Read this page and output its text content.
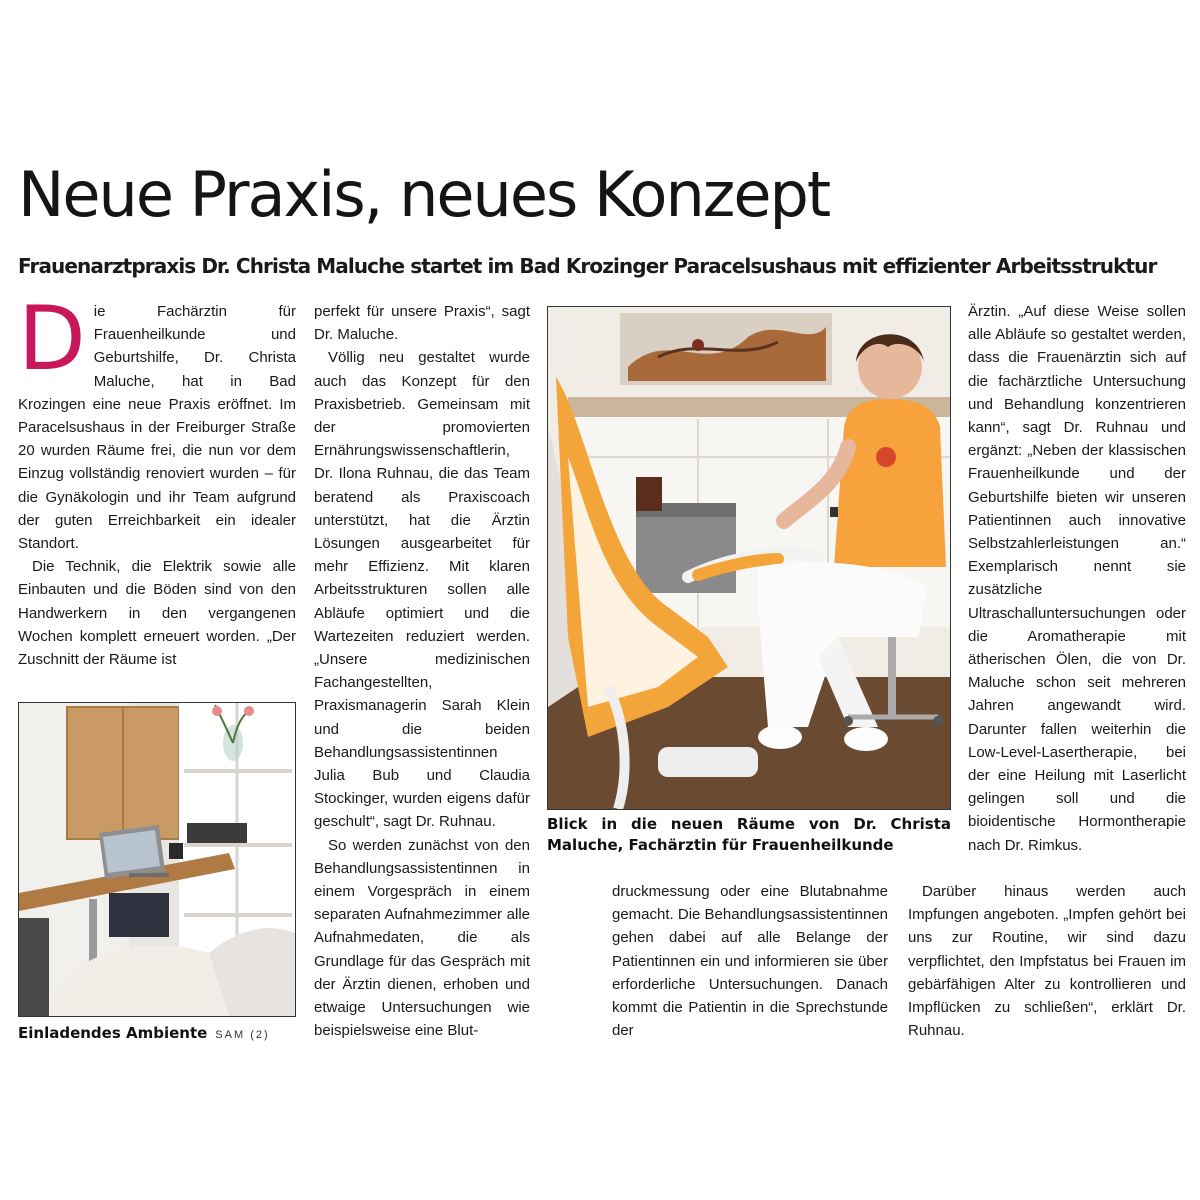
Neue Praxis, neues Konzept
Frauenarztpraxis Dr. Christa Maluche startet im Bad Krozinger Paracelsushaus mit effizienter Arbeitsstruktur

Die Fachärztin für Frauenheilkunde und Geburtshilfe, Dr. Christa Maluche, hat in Bad Krozingen eine neue Praxis eröffnet. Im Paracelsushaus in der Freiburger Straße 20 wurden Räume frei, die nun vor dem Einzug vollständig renoviert wurden – für die Gynäkologin und ihr Team aufgrund der guten Erreichbarkeit ein idealer Standort.

Die Technik, die Elektrik sowie alle Einbauten und die Böden sind von den Handwerkern in den vergangenen Wochen komplett erneuert worden. „Der Zuschnitt der Räume ist

Einladendes Ambiente SAM (2)

perfekt für unsere Praxis“, sagt Dr. Maluche.

Völlig neu gestaltet wurde auch das Konzept für den Praxisbetrieb. Gemeinsam mit der promovierten Ernährungswissenschaftlerin, Dr. Ilona Ruhnau, die das Team beratend als Praxiscoach unterstützt, hat die Ärztin Lösungen ausgearbeitet für mehr Effizienz. Mit klaren Arbeitsstrukturen sollen alle Abläufe optimiert und die Wartezeiten reduziert werden. „Unsere medizinischen Fachangestellten, Praxismanagerin Sarah Klein und die beiden Behandlungsassistentinnen Julia Bub und Claudia Stockinger, wurden eigens dafür geschult“, sagt Dr. Ruhnau.

So werden zunächst von den Behandlungsassistentinnen in einem Vorgespräch in einem separaten Aufnahmezimmer alle Aufnahmedaten, die als Grundlage für das Gespräch mit der Ärztin dienen, erhoben und etwaige Untersuchungen wie beispielsweise eine Blut-

Blick in die neuen Räume von Dr. Christa Maluche, Fachärztin für Frauenheilkunde

druckmessung oder eine Blutabnahme gemacht. Die Behandlungsassistentinnen gehen dabei auf alle Belange der Patientinnen ein und informieren sie über erforderliche Untersuchungen. Danach kommt die Patientin in die Sprechstunde der

Ärztin. „Auf diese Weise sollen alle Abläufe so gestaltet werden, dass die Frauenärztin sich auf die fachärztliche Untersuchung und Behandlung konzentrieren kann“, sagt Dr. Ruhnau und ergänzt: „Neben der klassischen Frauenheilkunde und der Geburtshilfe bieten wir unseren Patientinnen auch innovative Selbstzahlerleistungen an.“ Exemplarisch nennt sie zusätzliche Ultraschalluntersuchungen oder die Aromatherapie mit ätherischen Ölen, die von Dr. Maluche schon seit mehreren Jahren angewandt wird. Darunter fallen weiterhin die Low-Level-Lasertherapie, bei der eine Heilung mit Laserlicht gelingen soll und die bioidentische Hormontherapie nach Dr. Rimkus.

Darüber hinaus werden auch Impfungen angeboten. „Impfen gehört bei uns zur Routine, wir sind dazu verpflichtet, den Impfstatus bei Frauen im gebärfähigen Alter zu kontrollieren und Impflücken zu schließen“, erklärt Dr. Ruhnau.
